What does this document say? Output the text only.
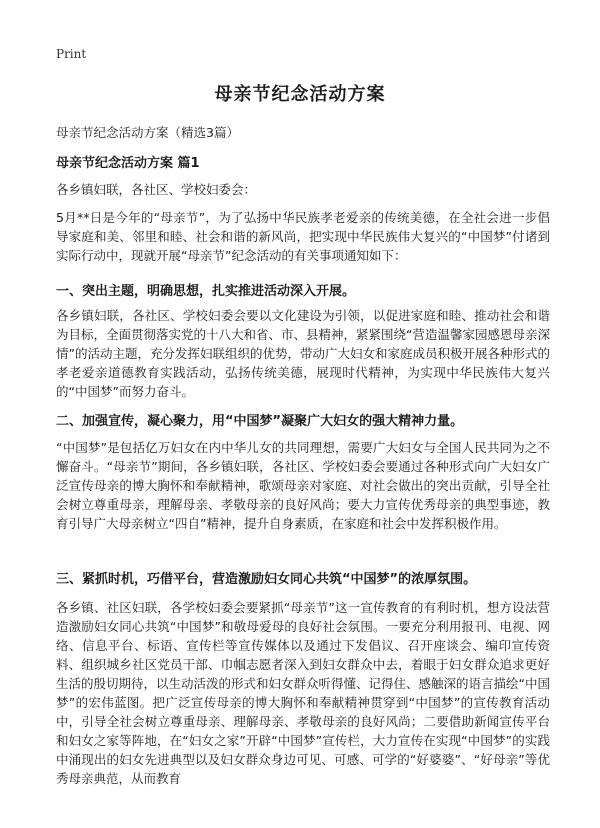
Print
母亲节纪念活动方案
母亲节纪念活动方案（精选3篇）
母亲节纪念活动方案 篇1
各乡镇妇联，各社区、学校妇委会：

5月**日是今年的“母亲节”，为了弘扬中华民族孝老爱亲的传统美德，在全社会进一步倡导家庭和美、邻里和睦、社会和谐的新风尚，把实现中华民族伟大复兴的“中国梦”付诸到实际行动中，现就开展“母亲节”纪念活动的有关事项通知如下：

一、突出主题，明确思想，扎实推进活动深入开展。

各乡镇妇联，各社区、学校妇委会要以文化建设为引领，以促进家庭和睦、推动社会和谐为目标，全面贯彻落实党的十八大和省、市、县精神，紧紧围绕“营造温馨家园感恩母亲深情”的活动主题，充分发挥妇联组织的优势，带动广大妇女和家庭成员积极开展各种形式的孝老爱亲道德教育实践活动，弘扬传统美德，展现时代精神，为实现中华民族伟大复兴的“中国梦”而努力奋斗。

二、加强宣传，凝心聚力，用“中国梦”凝聚广大妇女的强大精神力量。

“中国梦”是包括亿万妇女在内中华儿女的共同理想，需要广大妇女与全国人民共同为之不懈奋斗。“母亲节”期间，各乡镇妇联，各社区、学校妇委会要通过各种形式向广大妇女广泛宣传母亲的博大胸怀和奉献精神，歌颂母亲对家庭、对社会做出的突出贡献，引导全社会树立尊重母亲，理解母亲、孝敬母亲的良好风尚；要大力宣传优秀母亲的典型事迹，教育引导广大母亲树立“四自”精神，提升自身素质，在家庭和社会中发挥积极作用。

三、紧抓时机，巧借平台，营造激励妇女同心共筑“中国梦”的浓厚氛围。

各乡镇、社区妇联，各学校妇委会要紧抓“母亲节”这一宣传教育的有利时机，想方设法营造激励妇女同心共筑“中国梦”和敬母爱母的良好社会氛围。一要充分利用报刊、电视、网络、信息平台、标语、宣传栏等宣传媒体以及通过下发倡议、召开座谈会、编印宣传资料、组织城乡社区党员干部、巾帼志愿者深入到妇女群众中去，着眼于妇女群众追求更好生活的殷切期待，以生动活泼的形式和妇女群众听得懂、记得住、感触深的语言描绘“中国梦”的宏伟蓝图。把广泛宣传母亲的博大胸怀和奉献精神贯穿到“中国梦”的宣传教育活动中，引导全社会树立尊重母亲、理解母亲、孝敬母亲的良好风尚；二要借助新闻宣传平台和妇女之家等阵地，在“妇女之家”开辟“中国梦”宣传栏，大力宣传在实现“中国梦”的实践中涌现出的妇女先进典型以及妇女群众身边可见、可感、可学的“好婆婆”、“好母亲”等优秀母亲典范，从而教育
